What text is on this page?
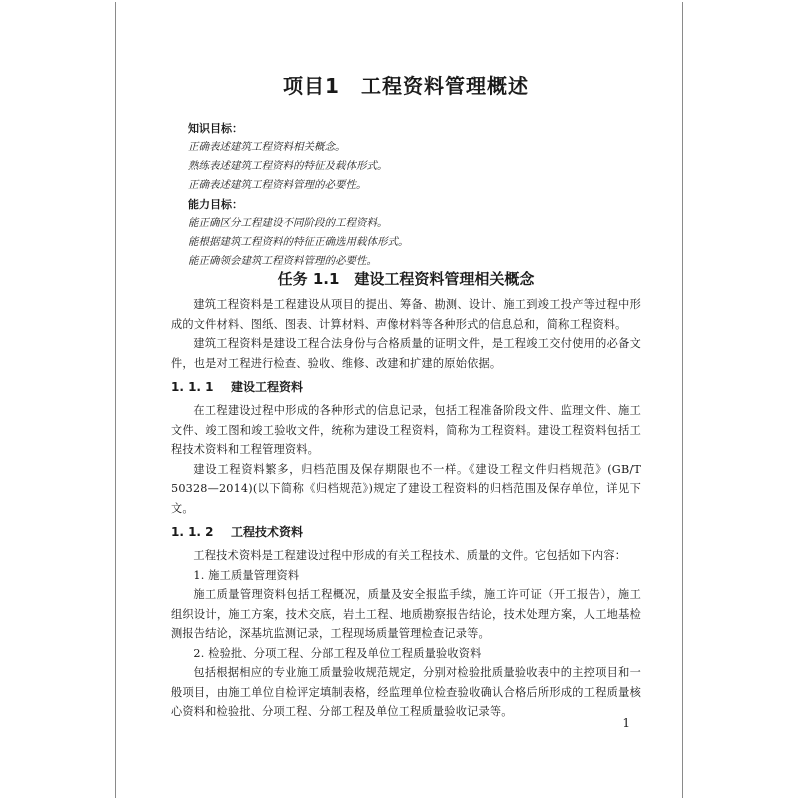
项目1　工程资料管理概述
知识目标：
正确表述建筑工程资料相关概念。
熟练表述建筑工程资料的特征及载体形式。
正确表述建筑工程资料管理的必要性。
能力目标：
能正确区分工程建设不同阶段的工程资料。
能根据建筑工程资料的特征正确选用载体形式。
能正确领会建筑工程资料管理的必要性。
任务 1.1　建设工程资料管理相关概念

建筑工程资料是工程建设从项目的提出、筹备、勘测、设计、施工到竣工投产等过程中形成的文件材料、图纸、图表、计算材料、声像材料等各种形式的信息总和，简称工程资料。

建筑工程资料是建设工程合法身份与合格质量的证明文件，是工程竣工交付使用的必备文件，也是对工程进行检查、验收、维修、改建和扩建的原始依据。

1. 1. 1 建设工程资料

在工程建设过程中形成的各种形式的信息记录，包括工程准备阶段文件、监理文件、施工文件、竣工图和竣工验收文件，统称为建设工程资料，简称为工程资料。建设工程资料包括工程技术资料和工程管理资料。

建设工程资料繁多，归档范围及保存期限也不一样。《建设工程文件归档规范》(GB/T 50328—2014)(以下简称《归档规范》)规定了建设工程资料的归档范围及保存单位，详见下文。

1. 1. 2 工程技术资料

工程技术资料是工程建设过程中形成的有关工程技术、质量的文件。它包括如下内容：

1. 施工质量管理资料

施工质量管理资料包括工程概况，质量及安全报监手续，施工许可证（开工报告），施工组织设计，施工方案，技术交底，岩土工程、地质勘察报告结论，技术处理方案，人工地基检测报告结论，深基坑监测记录，工程现场质量管理检查记录等。

2. 检验批、分项工程、分部工程及单位工程质量验收资料

包括根据相应的专业施工质量验收规范规定，分别对检验批质量验收表中的主控项目和一般项目，由施工单位自检评定填制表格，经监理单位检查验收确认合格后所形成的工程质量核心资料和检验批、分项工程、分部工程及单位工程质量验收记录等。

1
